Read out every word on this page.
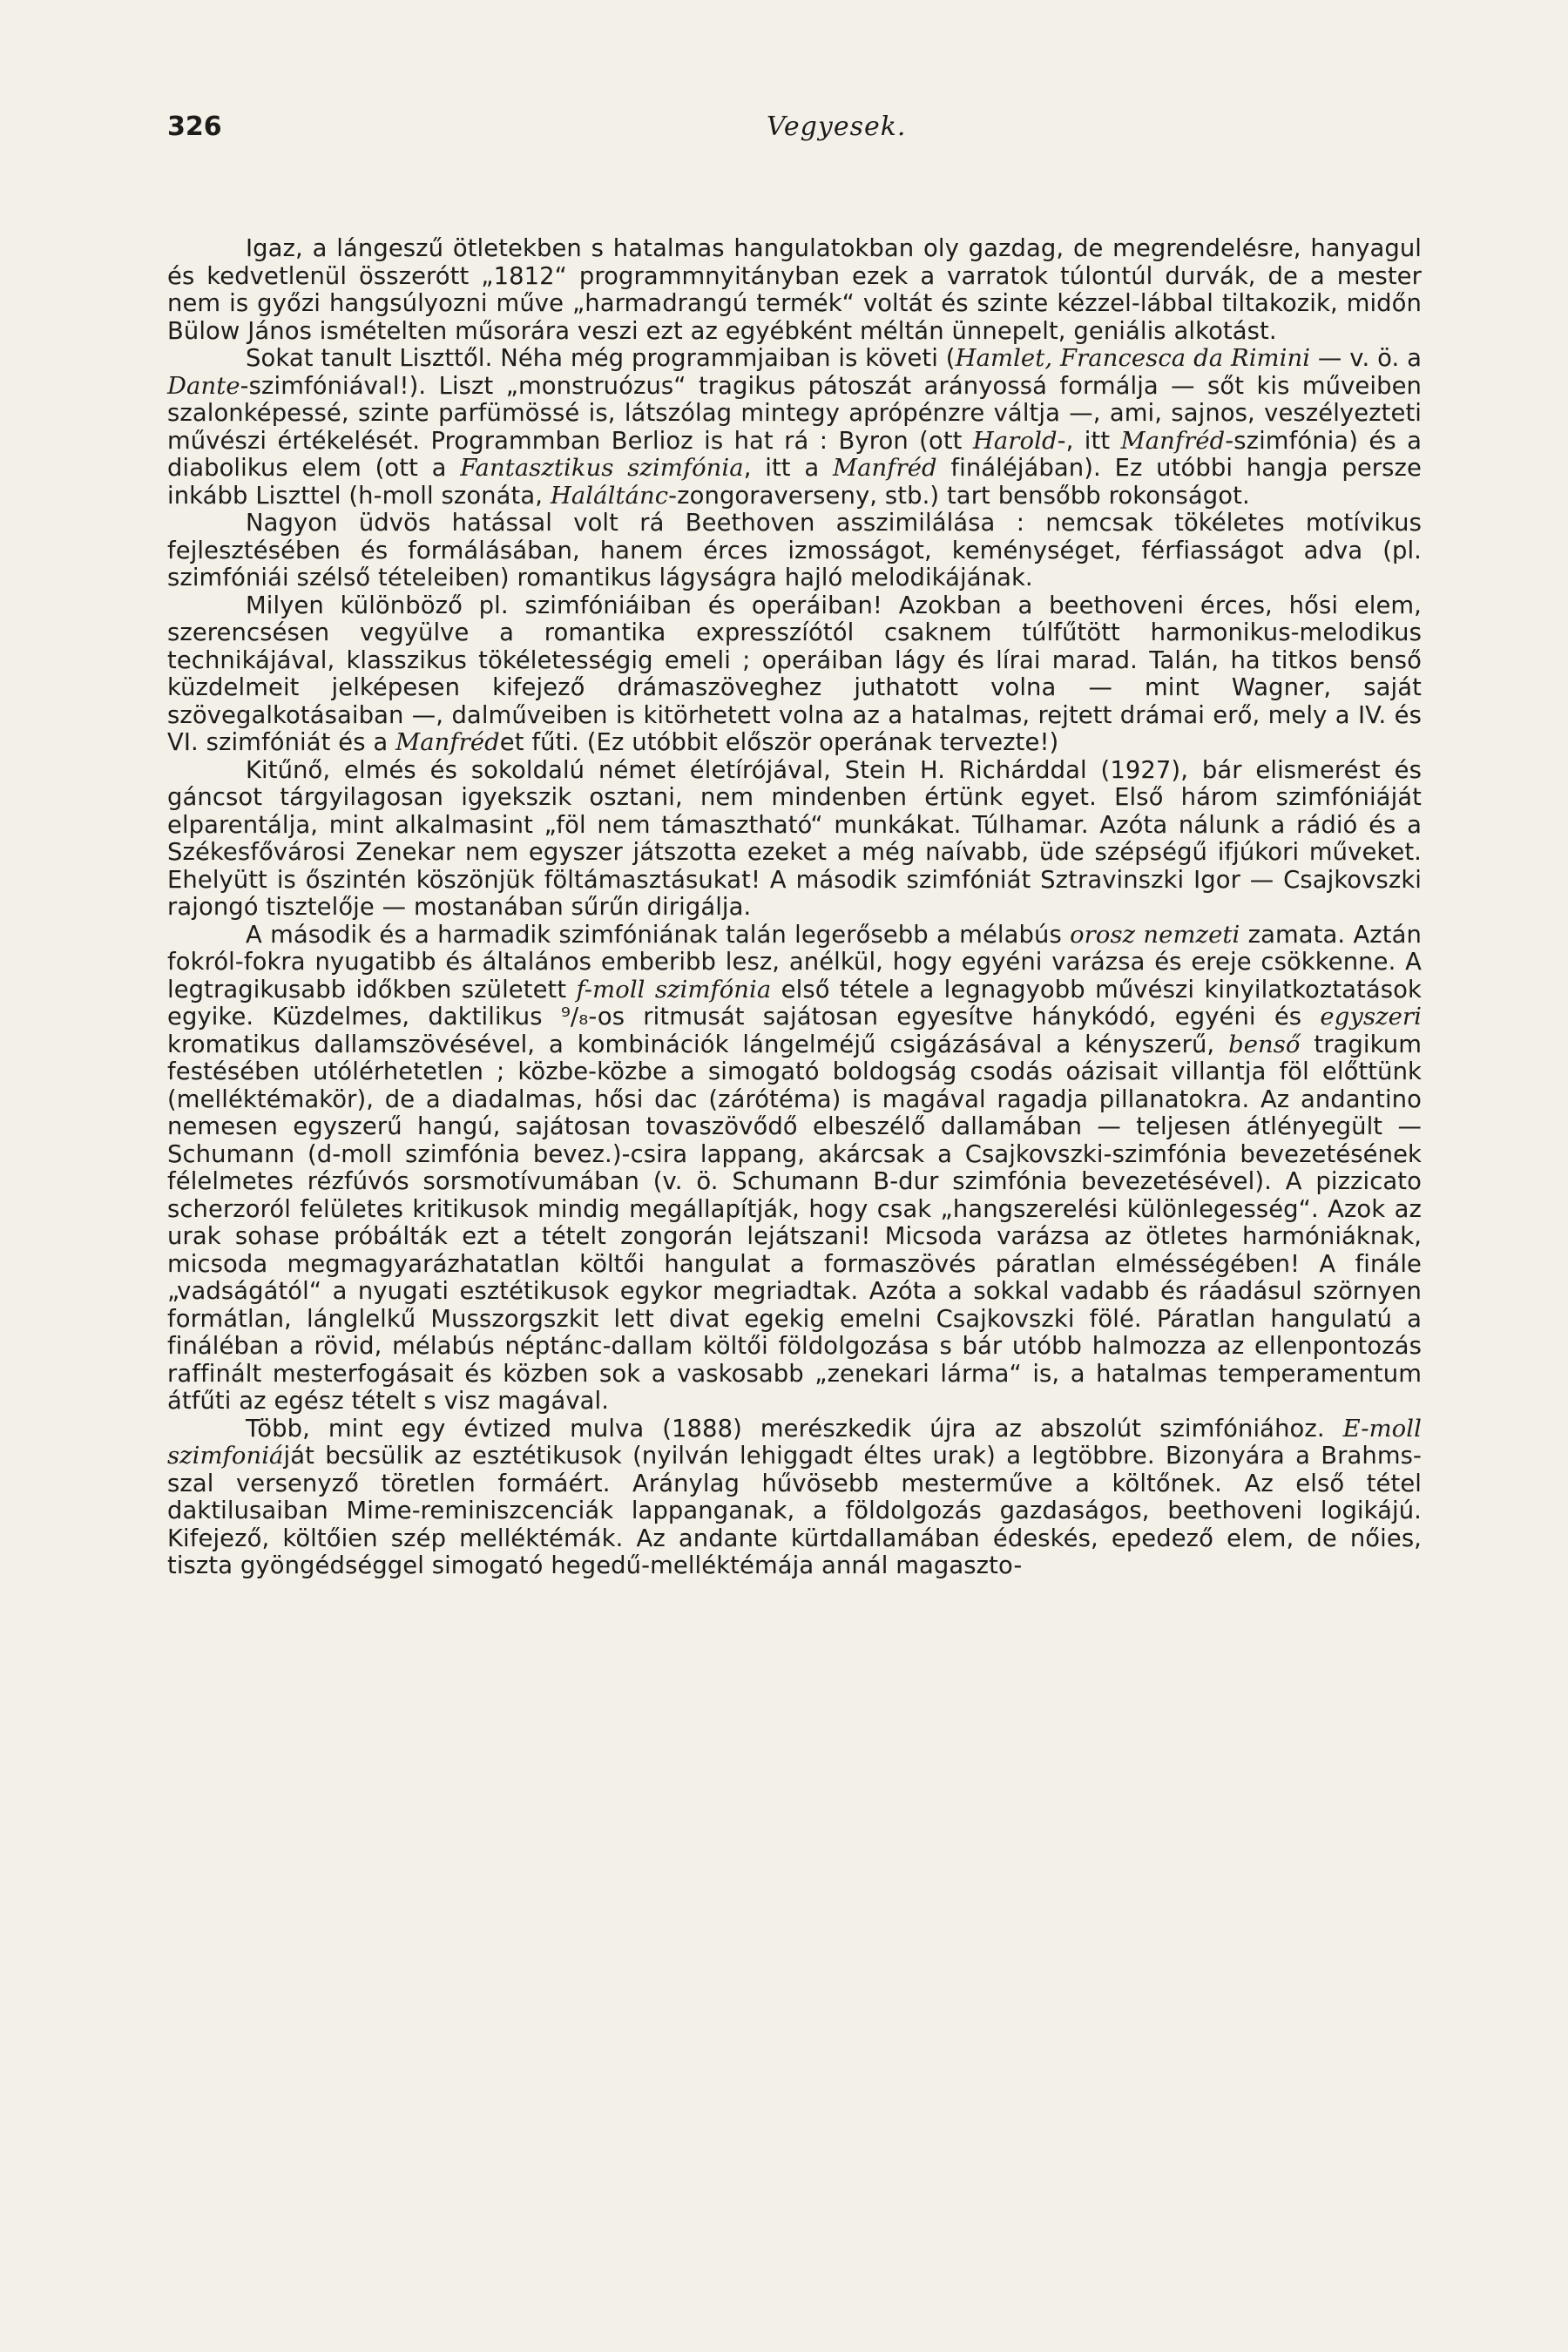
326	Vegyesek.

Igaz, a lángeszű ötletekben s hatalmas hangulatokban oly gazdag, de megrendelésre, hanyagul és kedvetlenül összerótt „1812“ programmnyitányban ezek a varratok túlontúl durvák, de a mester nem is győzi hangsúlyozni műve „harmadrangú termék“ voltát és szinte kézzel-lábbal tiltakozik, midőn Bülow János ismételten műsorára veszi ezt az egyébként méltán ünnepelt, geniális alkotást.

Sokat tanult Liszttől. Néha még programmjaiban is követi (Hamlet, Francesca da Rimini — v. ö. a Dante-szimfóniával!). Liszt „monstruózus“ tragikus pátoszát arányossá formálja — sőt kis műveiben szalonképessé, szinte parfümössé is, látszólag mintegy aprópénzre váltja —, ami, sajnos, veszélyezteti művészi értékelését. Programmban Berlioz is hat rá : Byron (ott Harold-, itt Manfréd-szimfónia) és a diabolikus elem (ott a Fantasztikus szimfónia, itt a Manfréd fináléjában). Ez utóbbi hangja persze inkább Liszttel (h-moll szonáta, Haláltánc-zongoraverseny, stb.) tart bensőbb rokonságot.

Nagyon üdvös hatással volt rá Beethoven asszimilálása : nemcsak tökéletes motívikus fejlesztésében és formálásában, hanem érces izmosságot, keménységet, férfiasságot adva (pl. szimfóniái szélső tételeiben) romantikus lágyságra hajló melodikájának.

Milyen különböző pl. szimfóniáiban és operáiban! Azokban a beethoveni érces, hősi elem, szerencsésen vegyülve a romantika expresszíótól csaknem túlfűtött harmonikus-melodikus technikájával, klasszikus tökéletességig emeli ; operáiban lágy és lírai marad. Talán, ha titkos benső küzdelmeit jelképesen kifejező drámaszöveghez juthatott volna — mint Wagner, saját szövegalkotásaiban —, dalműveiben is kitörhetett volna az a hatalmas, rejtett drámai erő, mely a IV. és VI. szimfóniát és a Manfrédet fűti. (Ez utóbbit először operának tervezte!)

Kitűnő, elmés és sokoldalú német életírójával, Stein H. Richárddal (1927), bár elismerést és gáncsot tárgyilagosan igyekszik osztani, nem mindenben értünk egyet. Első három szimfóniáját elparentálja, mint alkalmasint „föl nem támasztható“ munkákat. Túlhamar. Azóta nálunk a rádió és a Székesfővárosi Zenekar nem egyszer játszotta ezeket a még naívabb, üde szépségű ifjúkori műveket. Ehelyütt is őszintén köszönjük föltámasztásukat! A második szimfóniát Sztravinszki Igor — Csajkovszki rajongó tisztelője — mostanában sűrűn dirigálja.

A második és a harmadik szimfóniának talán legerősebb a mélabús orosz nemzeti zamata. Aztán fokról-fokra nyugatibb és általános emberibb lesz, anélkül, hogy egyéni varázsa és ereje csökkenne. A legtragikusabb időkben született f-moll szimfónia első tétele a legnagyobb művészi kinyilatkoztatások egyike. Küzdelmes, daktilikus ⁹/₈-os ritmusát sajátosan egyesítve hánykódó, egyéni és egyszeri kromatikus dallamszövésével, a kombinációk lángelméjű csigázásával a kényszerű, benső tragikum festésében utólérhetetlen ; közbe-közbe a simogató boldogság csodás oázisait villantja föl előttünk (melléktémakör), de a diadalmas, hősi dac (zárótéma) is magával ragadja pillanatokra. Az andantino nemesen egyszerű hangú, sajátosan tovaszövődő elbeszélő dallamában — teljesen átlényegült — Schumann (d-moll szimfónia bevez.)-csira lappang, akárcsak a Csajkovszki-szimfónia bevezetésének félelmetes rézfúvós sorsmotívumában (v. ö. Schumann B-dur szimfónia bevezetésével). A pizzicato scherzoról felületes kritikusok mindig megállapítják, hogy csak „hangszerelési különlegesség“. Azok az urak sohase próbálták ezt a tételt zongorán lejátszani! Micsoda varázsa az ötletes harmóniáknak, micsoda megmagyarázhatatlan költői hangulat a formaszövés páratlan elmésségében! A finále „vadságától“ a nyugati esztétikusok egykor megriadtak. Azóta a sokkal vadabb és ráadásul szörnyen formátlan, lánglelkű Musszorgszkit lett divat egekig emelni Csajkovszki fölé. Páratlan hangulatú a fináléban a rövid, mélabús néptánc-dallam költői földolgozása s bár utóbb halmozza az ellenpontozás raffinált mesterfogásait és közben sok a vaskosabb „zenekari lárma“ is, a hatalmas temperamentum átfűti az egész tételt s visz magával.

Több, mint egy évtized mulva (1888) merészkedik újra az abszolút szimfóniához. E-moll szimfoniáját becsülik az esztétikusok (nyilván lehiggadt éltes urak) a legtöbbre. Bizonyára a Brahms-szal versenyző töretlen formáért. Aránylag hűvösebb mesterműve a költőnek. Az első tétel daktilusaiban Mime-reminiszcenciák lappanganak, a földolgozás gazdaságos, beethoveni logikájú. Kifejező, költőien szép melléktémák. Az andante kürtdallamában édeskés, epedező elem, de nőies, tiszta gyöngédséggel simogató hegedű-melléktémája annál magaszto-
